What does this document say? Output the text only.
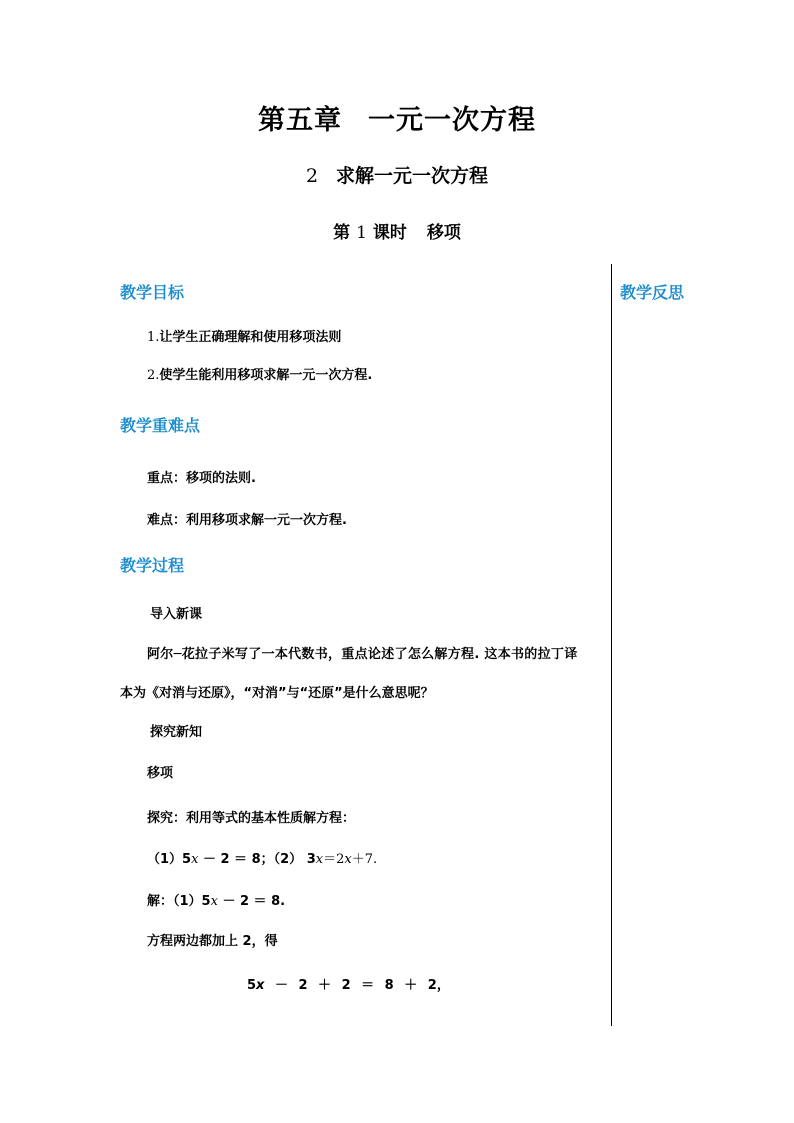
第五章 一元一次方程
2 求解一元一次方程
第 1 课时 移项
教学反思
教学目标
1.让学生正确理解和使用移项法则
2.使学生能利用移项求解一元一次方程.
教学重难点
重点：移项的法则.
难点：利用移项求解一元一次方程.
教学过程
导入新课
阿尔─花拉子米写了一本代数书，重点论述了怎么解方程. 这本书的拉丁译
本为《对消与还原》，“对消”与“还原”是什么意思呢？
探究新知
移项
探究：利用等式的基本性质解方程：
（1）5x － 2 ＝ 8；（2） 3x＝2x＋7.
解：（1）5x － 2 ＝ 8.
方程两边都加上 2，得
5x － 2 ＋ 2 ＝ 8 ＋ 2，
